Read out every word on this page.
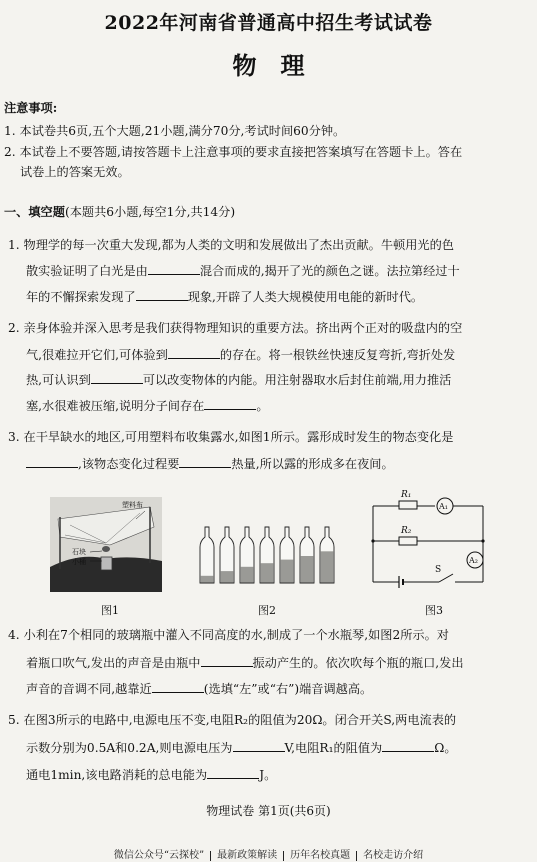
2022年河南省普通高中招生考试试卷
物理
注意事项:
1. 本试卷共6页,五个大题,21小题,满分70分,考试时间60分钟。
2. 本试卷上不要答题,请按答题卡上注意事项的要求直接把答案填写在答题卡上。答在
试卷上的答案无效。
一、填空题(本题共6小题,每空1分,共14分)
1. 物理学的每一次重大发现,都为人类的文明和发展做出了杰出贡献。牛顿用光的色
散实验证明了白光是由	混合而成的,揭开了光的颜色之谜。法拉第经过十
年的不懈探索发现了	现象,开辟了人类大规模使用电能的新时代。
2. 亲身体验并深入思考是我们获得物理知识的重要方法。挤出两个正对的吸盘内的空
气,很难拉开它们,可体验到	的存在。将一根铁丝快速反复弯折,弯折处发
热,可认识到	可以改变物体的内能。用注射器取水后封住前端,用力推活
塞,水很难被压缩,说明分子间存在	。
3. 在干旱缺水的地区,可用塑料布收集露水,如图1所示。露形成时发生的物态变化是
,该物态变化过程要	热量,所以露的形成多在夜间。
塑料布
石块
小桶
图1	图2
R₁
R₂
A₁
A₂
S
图3
4. 小利在7个相同的玻璃瓶中灌入不同高度的水,制成了一个水瓶琴,如图2所示。对
着瓶口吹气,发出的声音是由瓶中	振动产生的。依次吹每个瓶的瓶口,发出
声音的音调不同,越靠近	(选填“左”或“右”)端音调越高。
5. 在图3所示的电路中,电源电压不变,电阻R₂的阻值为20Ω。闭合开关S,两电流表的
示数分别为0.5A和0.2A,则电源电压为	V,电阻R₁的阻值为	Ω。
通电1min,该电路消耗的总电能为	J。
物理试卷 第1页(共6页)
微信公众号“云探校” 最新政策解读 历年名校真题 名校走访介绍
